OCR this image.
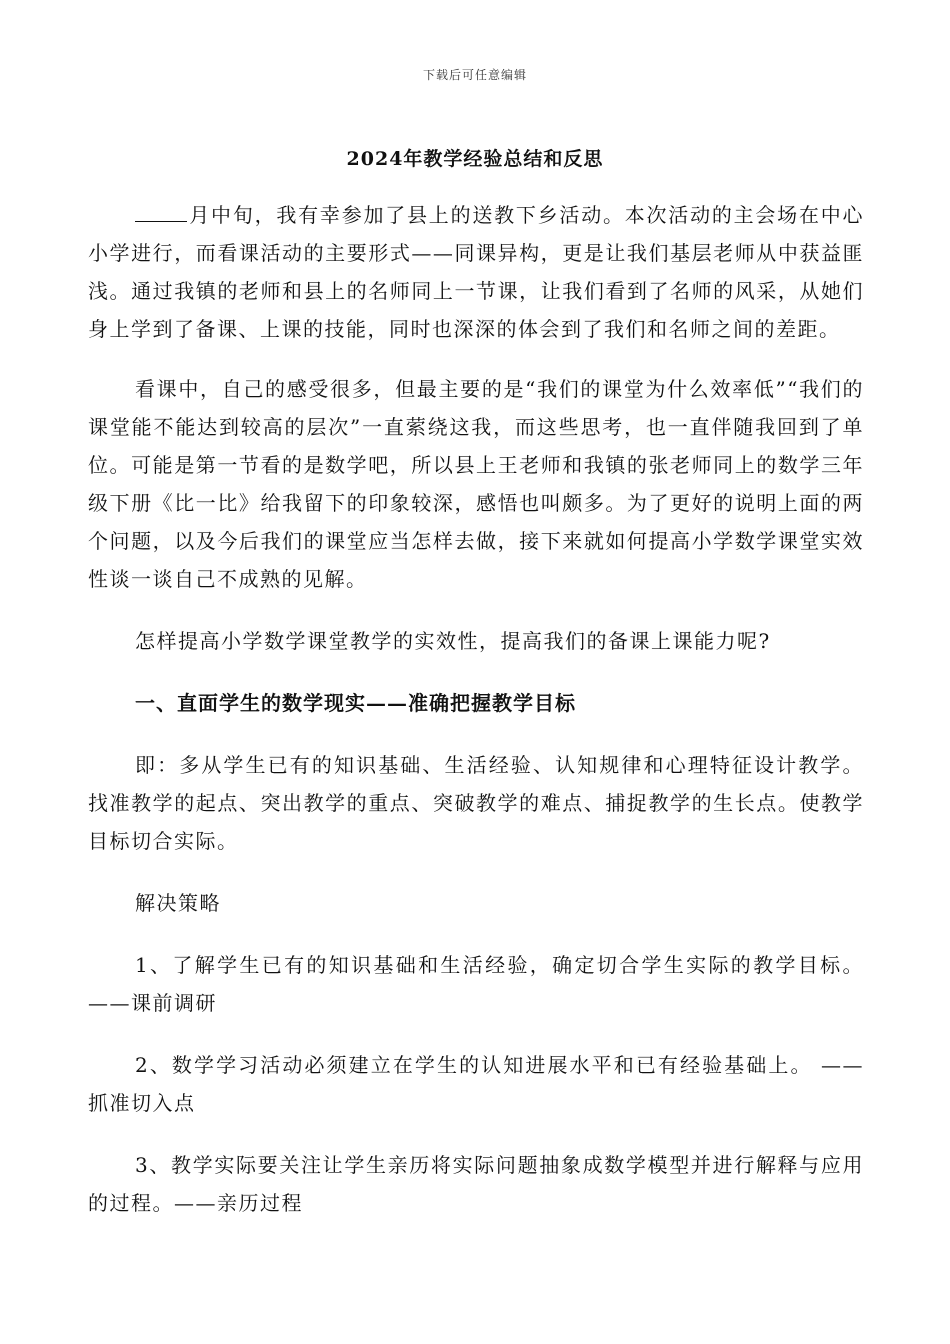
下载后可任意编辑
2024年教学经验总结和反思

月中旬，我有幸参加了县上的送教下乡活动。本次活动的主会场在中心小学进行，而看课活动的主要形式——同课异构，更是让我们基层老师从中获益匪浅。通过我镇的老师和县上的名师同上一节课，让我们看到了名师的风采，从她们身上学到了备课、上课的技能，同时也深深的体会到了我们和名师之间的差距。

看课中，自己的感受很多，但最主要的是“我们的课堂为什么效率低”“我们的课堂能不能达到较高的层次”一直萦绕这我，而这些思考，也一直伴随我回到了单位。可能是第一节看的是数学吧，所以县上王老师和我镇的张老师同上的数学三年级下册《比一比》给我留下的印象较深，感悟也叫颇多。为了更好的说明上面的两个问题，以及今后我们的课堂应当怎样去做，接下来就如何提高小学数学课堂实效性谈一谈自己不成熟的见解。

怎样提高小学数学课堂教学的实效性，提高我们的备课上课能力呢?

一、直面学生的数学现实——准确把握教学目标

即：多从学生已有的知识基础、生活经验、认知规律和心理特征设计教学。找准教学的起点、突出教学的重点、突破教学的难点、捕捉教学的生长点。使教学目标切合实际。

解决策略

1、了解学生已有的知识基础和生活经验，确定切合学生实际的教学目标。——课前调研

2、数学学习活动必须建立在学生的认知进展水平和已有经验基础上。 ——抓准切入点

3、教学实际要关注让学生亲历将实际问题抽象成数学模型并进行解释与应用的过程。——亲历过程
